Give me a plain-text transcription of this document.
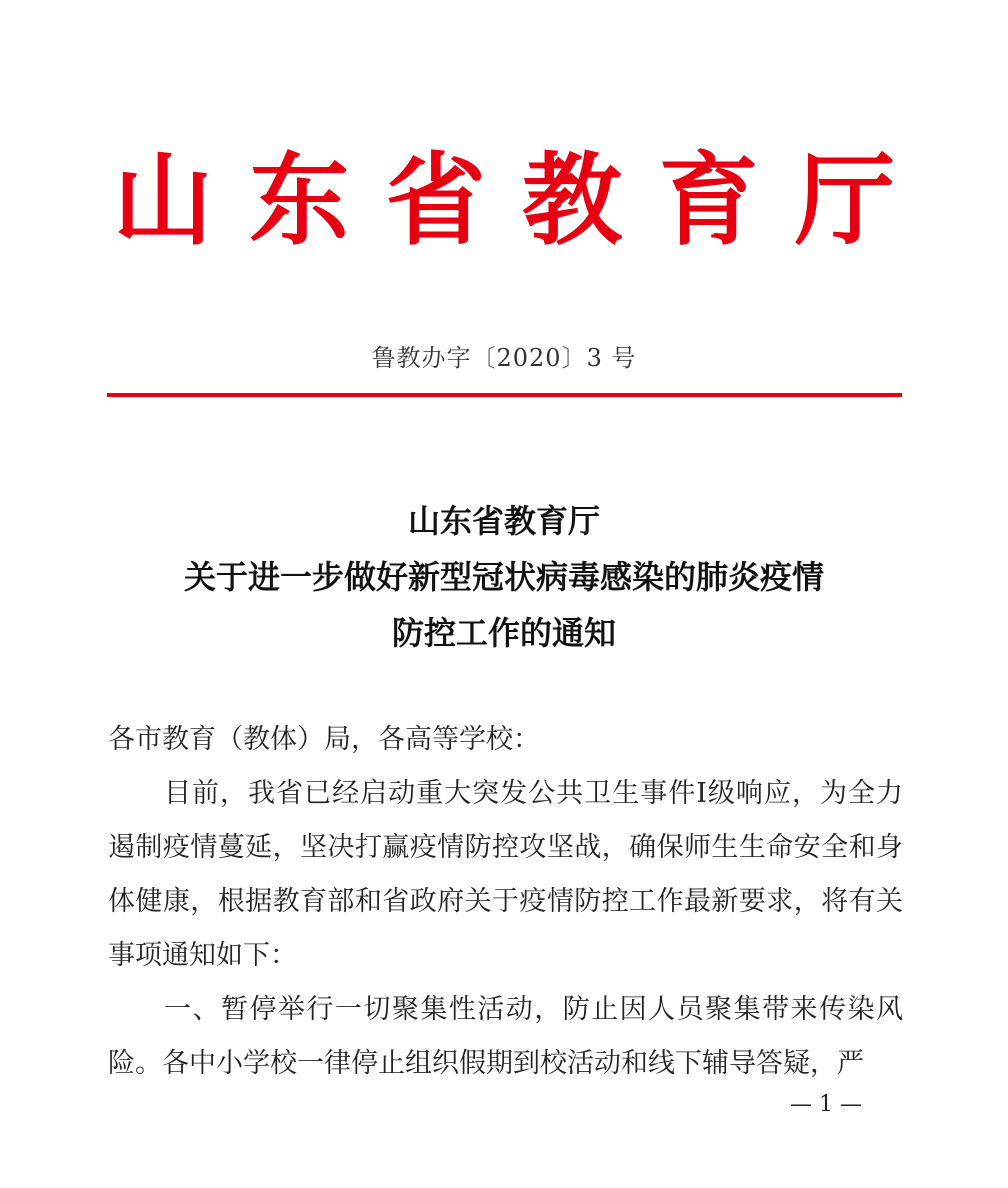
山 东 省 教 育 厅
鲁教办字〔2020〕3 号
山东省教育厅
关于进一步做好新型冠状病毒感染的肺炎疫情
防控工作的通知

各市教育（教体）局，各高等学校：

目前，我省已经启动重大突发公共卫生事件Ⅰ级响应，为全力遏制疫情蔓延，坚决打赢疫情防控攻坚战，确保师生生命安全和身体健康，根据教育部和省政府关于疫情防控工作最新要求，将有关事项通知如下：

一、暂停举行一切聚集性活动，防止因人员聚集带来传染风险。各中小学校一律停止组织假期到校活动和线下辅导答疑，严

— 1 —
